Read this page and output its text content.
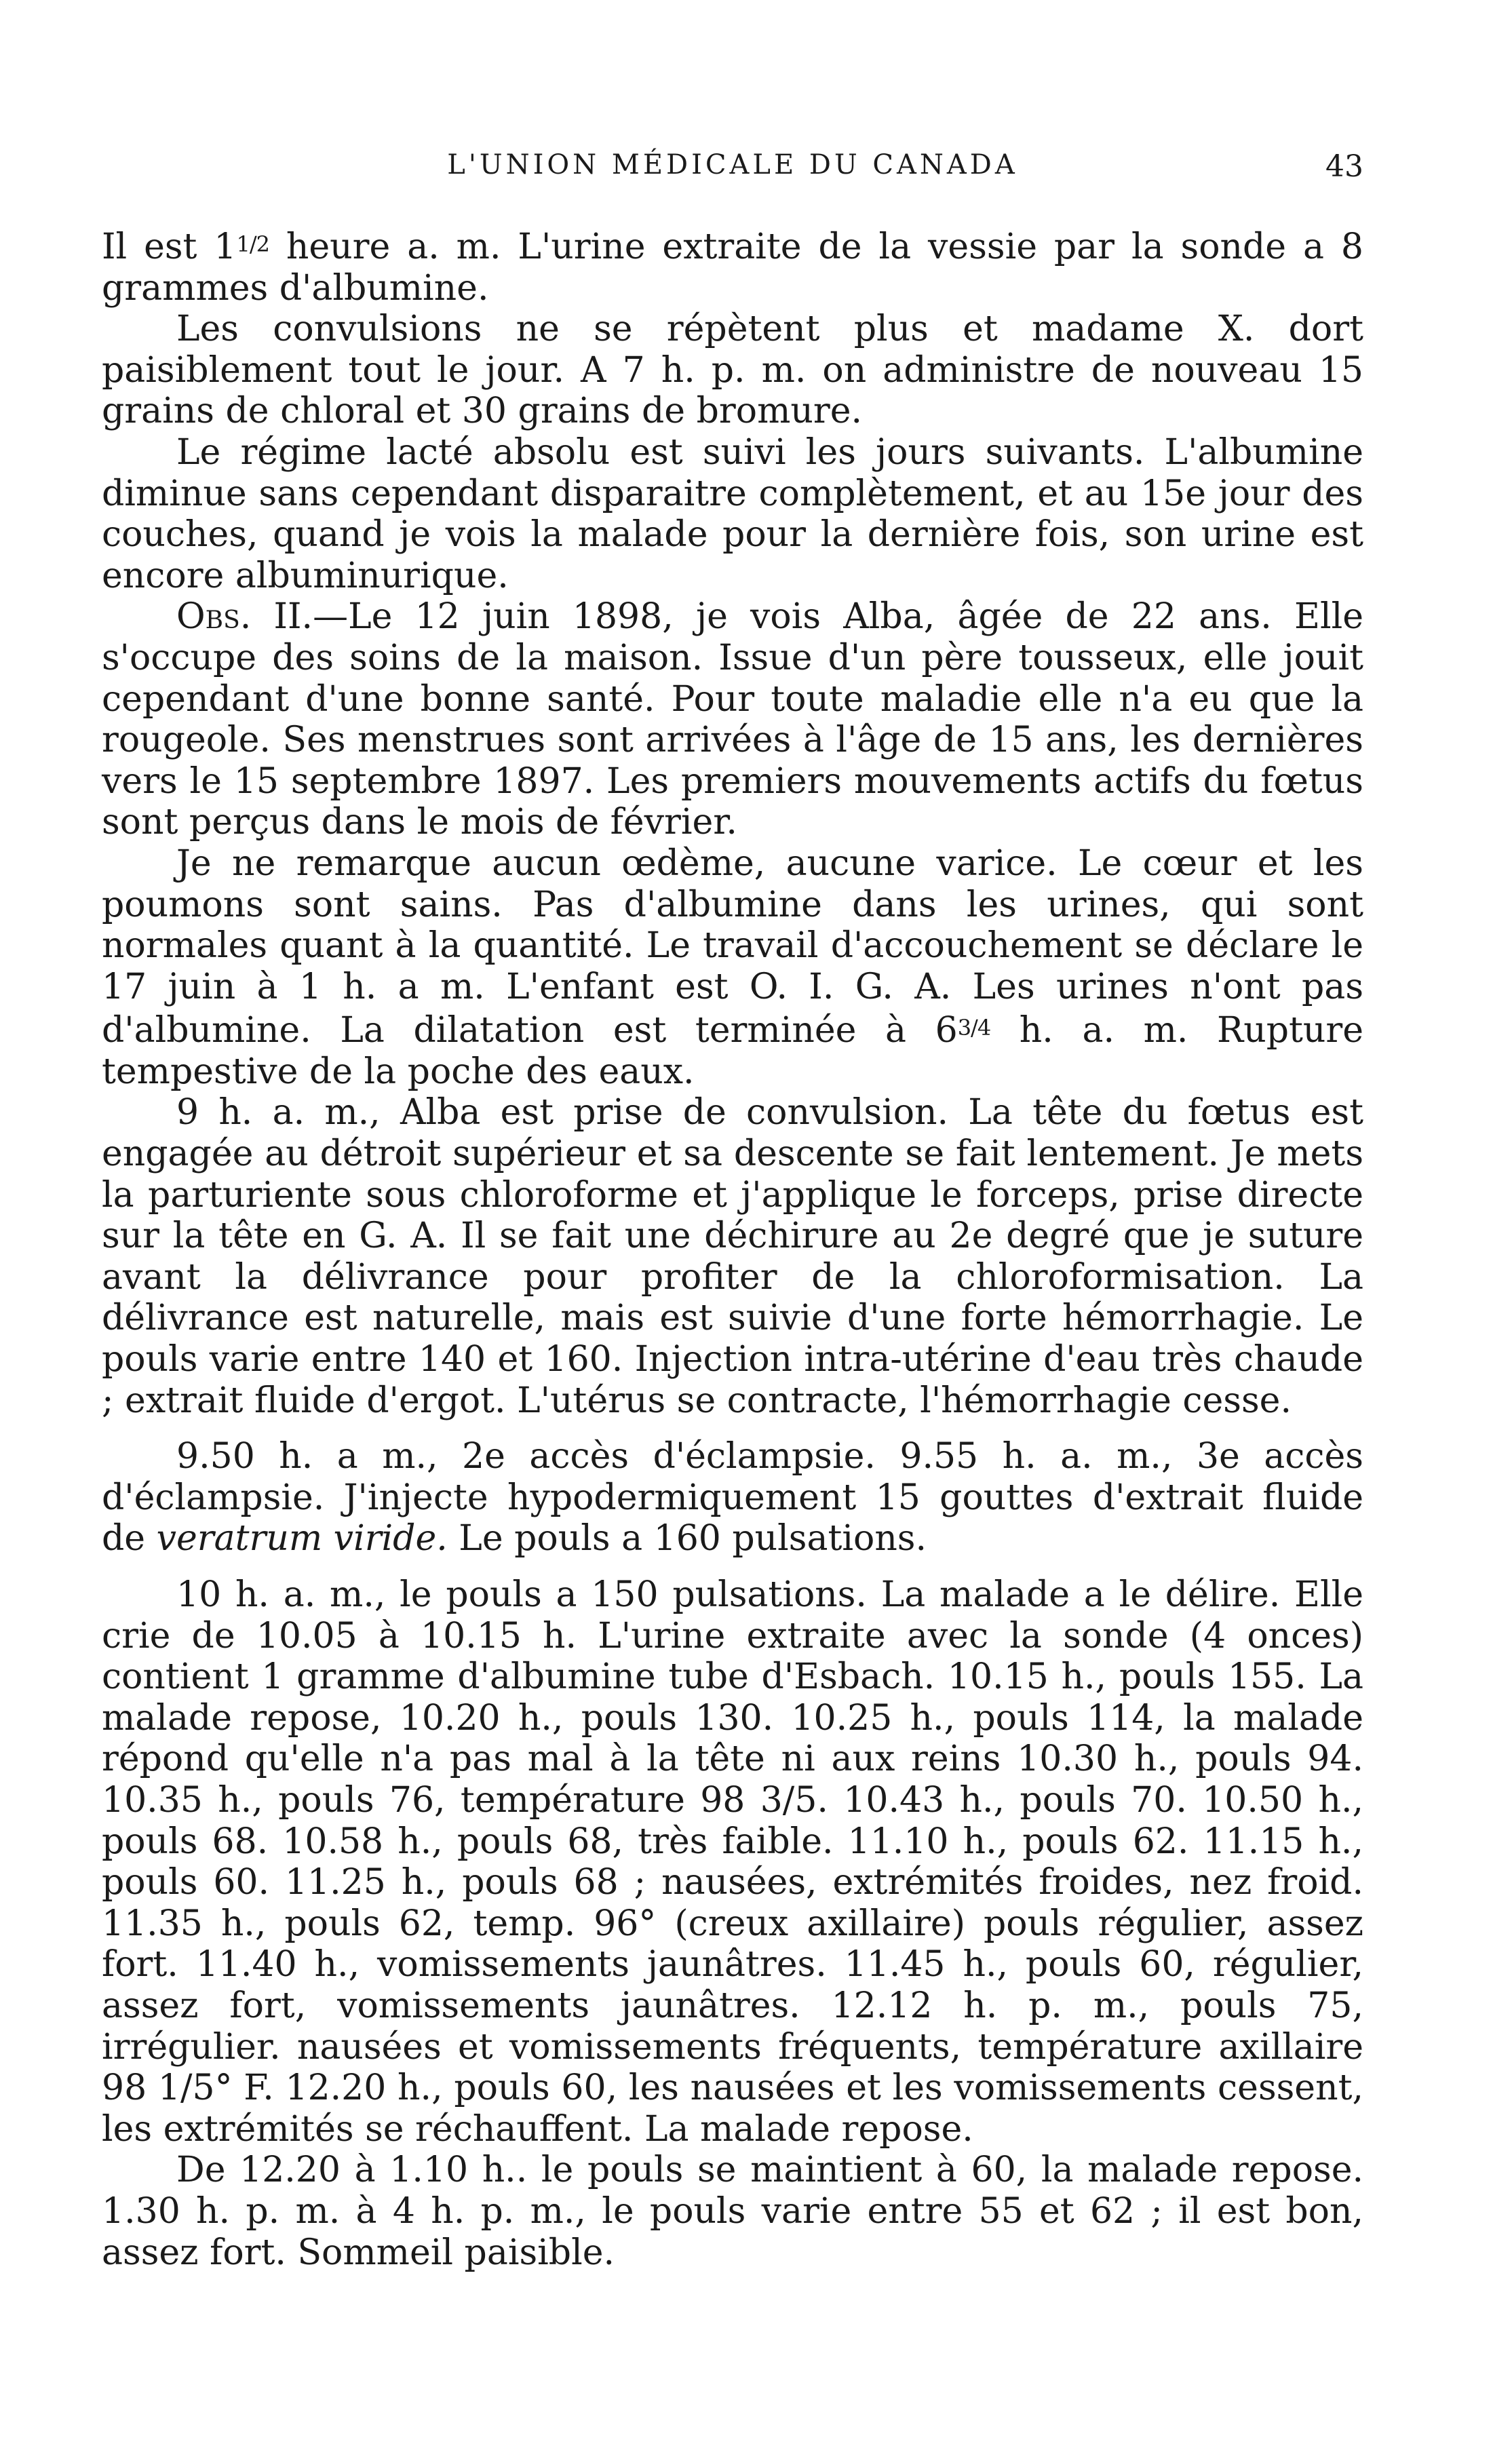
L'UNION MÉDICALE DU CANADA	43

Il est 11/2 heure a. m. L'urine extraite de la vessie par la sonde a 8 grammes d'albumine.

Les convulsions ne se répètent plus et madame X. dort paisiblement tout le jour. A 7 h. p. m. on administre de nouveau 15 grains de chloral et 30 grains de bromure.

Le régime lacté absolu est suivi les jours suivants. L'albumine diminue sans cependant disparaitre complètement, et au 15e jour des couches, quand je vois la malade pour la dernière fois, son urine est encore albuminurique.

Obs. II.—Le 12 juin 1898, je vois Alba, âgée de 22 ans. Elle s'occupe des soins de la maison. Issue d'un père tousseux, elle jouit cependant d'une bonne santé. Pour toute maladie elle n'a eu que la rougeole. Ses menstrues sont arrivées à l'âge de 15 ans, les dernières vers le 15 septembre 1897. Les premiers mouvements actifs du fœtus sont perçus dans le mois de février.

Je ne remarque aucun œdème, aucune varice. Le cœur et les poumons sont sains. Pas d'albumine dans les urines, qui sont normales quant à la quantité. Le travail d'accouchement se déclare le 17 juin à 1 h. a m. L'enfant est O. I. G. A. Les urines n'ont pas d'albumine. La dilatation est terminée à 63/4 h. a. m. Rupture tempestive de la poche des eaux.

9 h. a. m., Alba est prise de convulsion. La tête du fœtus est engagée au détroit supérieur et sa descente se fait lentement. Je mets la parturiente sous chloroforme et j'applique le forceps, prise directe sur la tête en G. A. Il se fait une déchirure au 2e degré que je suture avant la délivrance pour profiter de la chloroformisation. La délivrance est naturelle, mais est suivie d'une forte hémorrhagie. Le pouls varie entre 140 et 160. Injection intra-utérine d'eau très chaude ; extrait fluide d'ergot. L'utérus se contracte, l'hémorrhagie cesse.

9.50 h. a m., 2e accès d'éclampsie. 9.55 h. a. m., 3e accès d'éclampsie. J'injecte hypodermiquement 15 gouttes d'extrait fluide de veratrum viride. Le pouls a 160 pulsations.

10 h. a. m., le pouls a 150 pulsations. La malade a le délire. Elle crie de 10.05 à 10.15 h. L'urine extraite avec la sonde (4 onces) contient 1 gramme d'albumine tube d'Esbach. 10.15 h., pouls 155. La malade repose, 10.20 h., pouls 130. 10.25 h., pouls 114, la malade répond qu'elle n'a pas mal à la tête ni aux reins 10.30 h., pouls 94. 10.35 h., pouls 76, température 98 3/5. 10.43 h., pouls 70. 10.50 h., pouls 68. 10.58 h., pouls 68, très faible. 11.10 h., pouls 62. 11.15 h., pouls 60. 11.25 h., pouls 68 ; nausées, extrémités froides, nez froid. 11.35 h., pouls 62, temp. 96° (creux axillaire) pouls régulier, assez fort. 11.40 h., vomissements jaunâtres. 11.45 h., pouls 60, régulier, assez fort, vomissements jaunâtres. 12.12 h. p. m., pouls 75, irrégulier. nausées et vomissements fréquents, température axillaire 98 1/5° F. 12.20 h., pouls 60, les nausées et les vomissements cessent, les extrémités se réchauffent. La malade repose.

De 12.20 à 1.10 h.. le pouls se maintient à 60, la malade repose. 1.30 h. p. m. à 4 h. p. m., le pouls varie entre 55 et 62 ; il est bon, assez fort. Sommeil paisible.
